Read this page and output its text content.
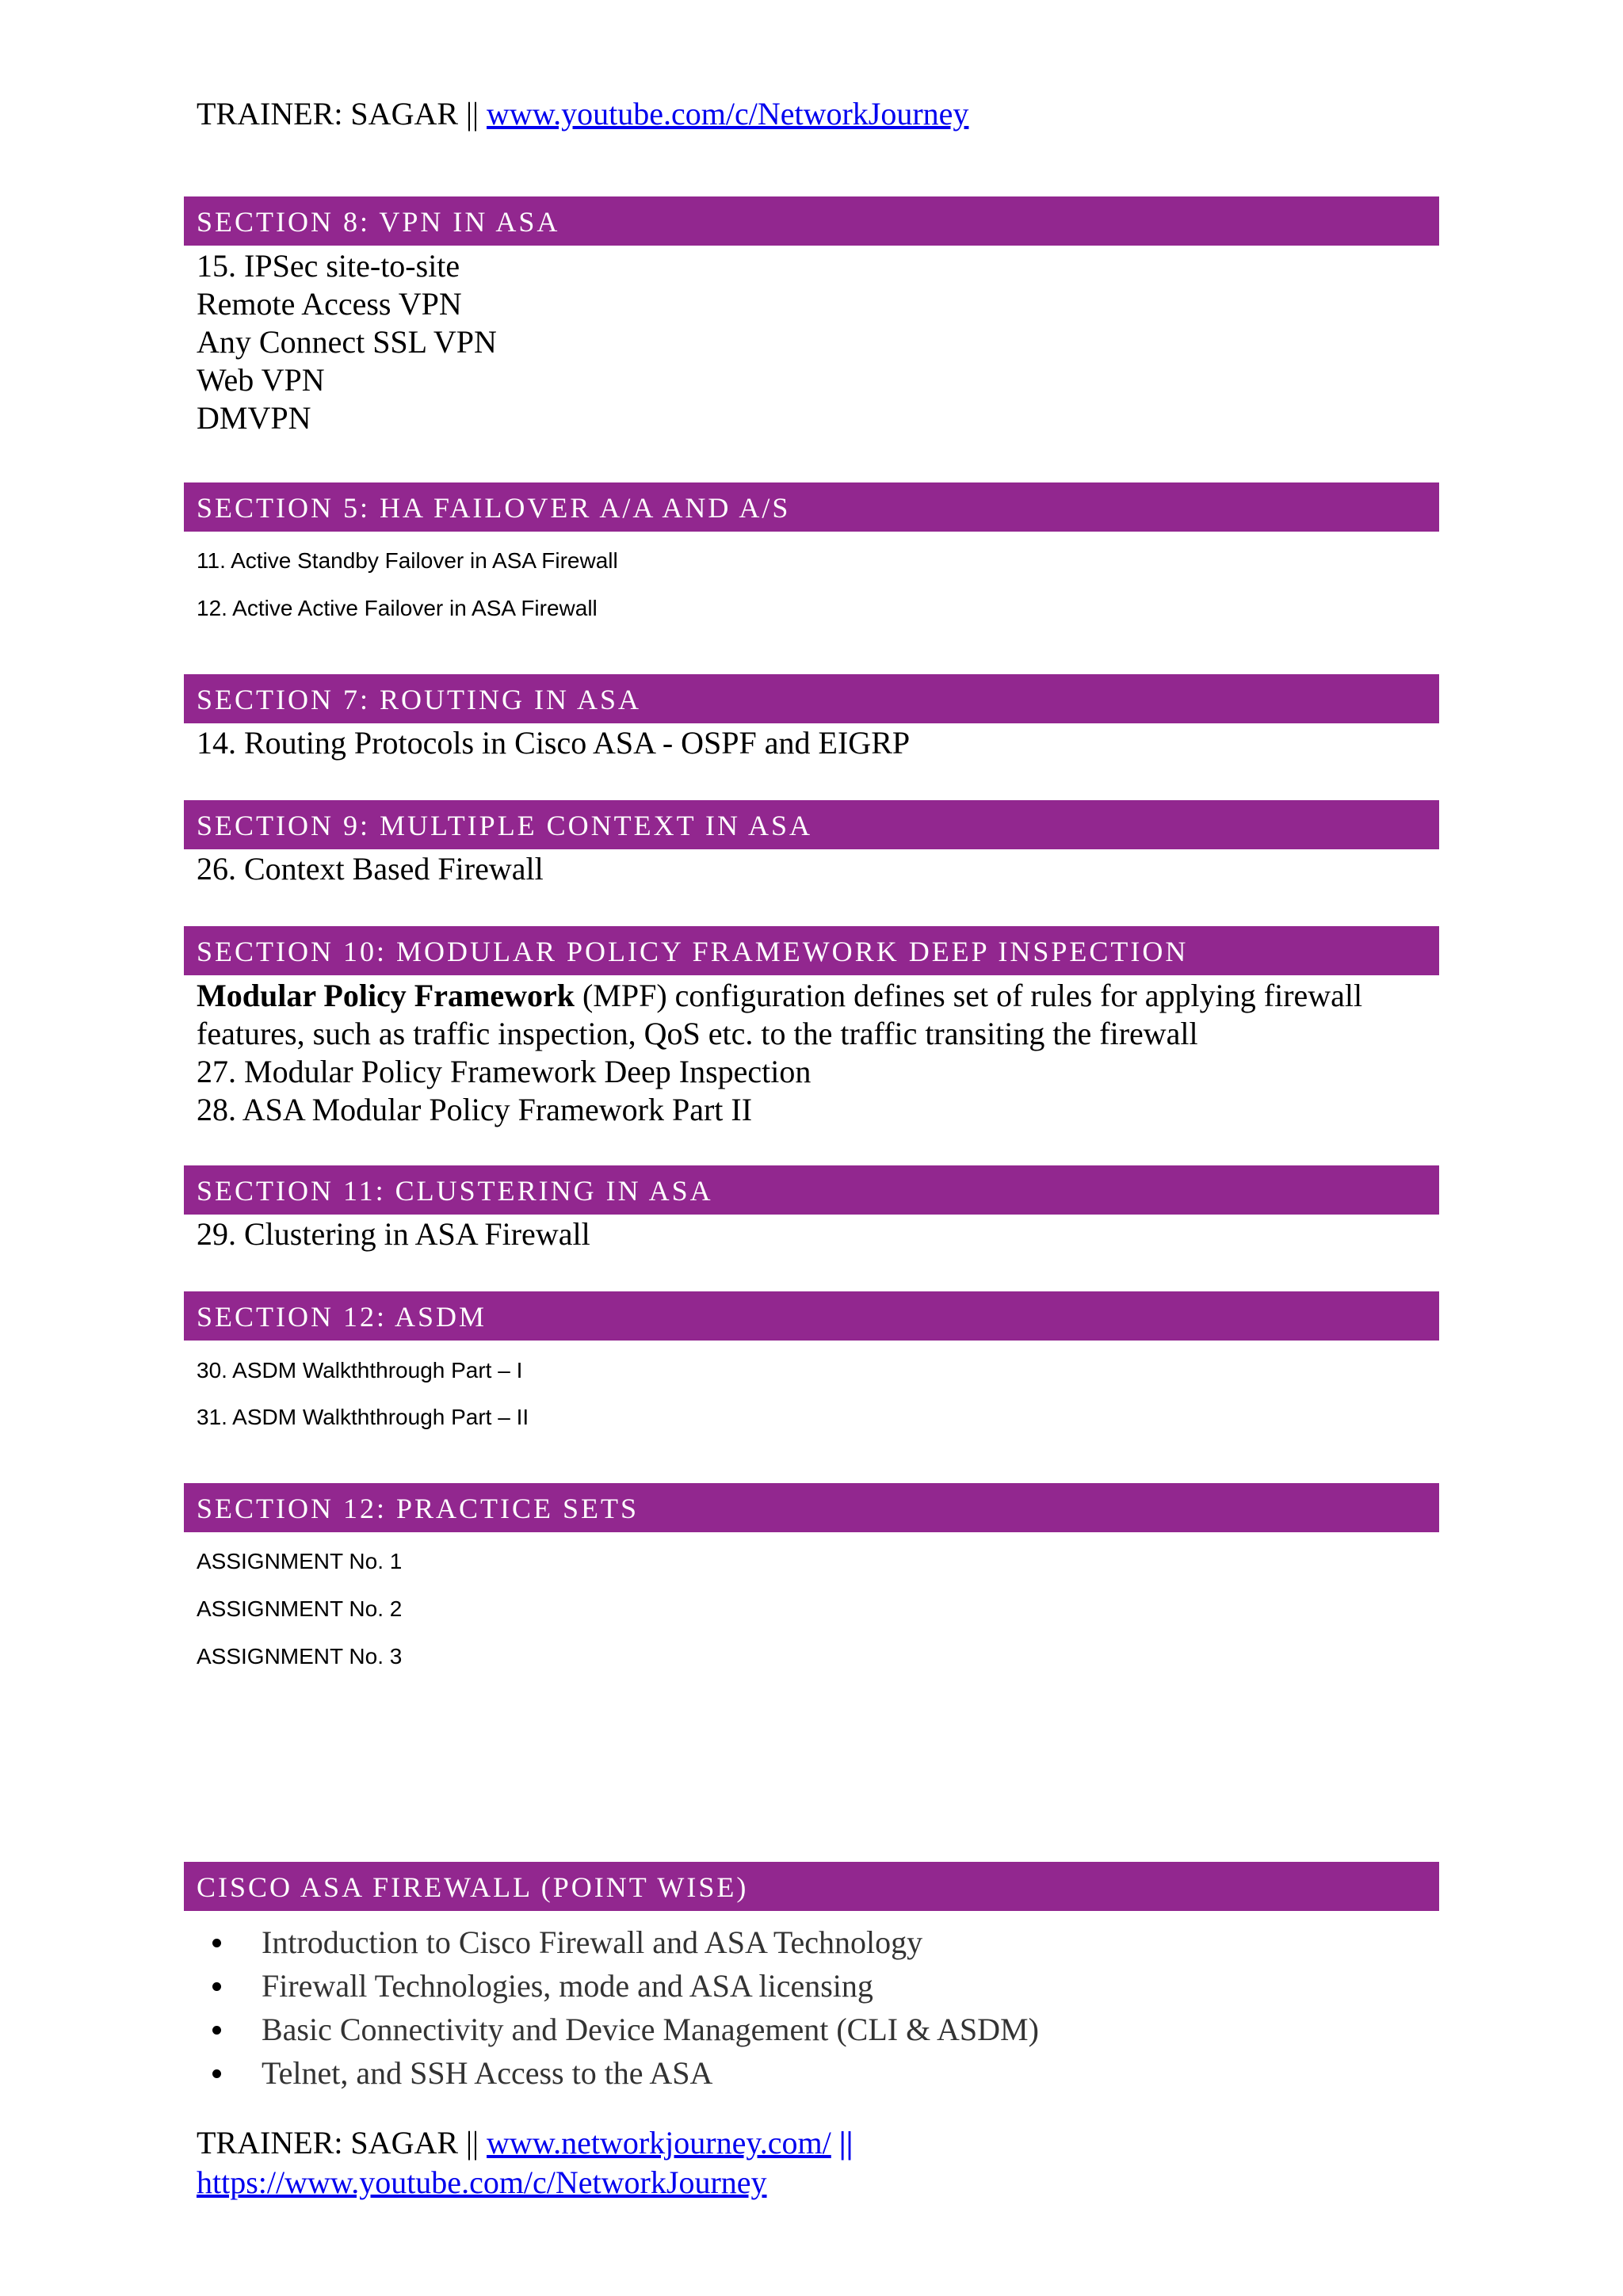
TRAINER: SAGAR || www.youtube.com/c/NetworkJourney
SECTION 8: VPN IN ASA
15. IPSec site-to-site
Remote Access VPN
Any Connect SSL VPN
Web VPN
DMVPN
SECTION 5: HA FAILOVER A/A AND A/S
11. Active Standby Failover in ASA Firewall
12. Active Active Failover in ASA Firewall
SECTION 7: ROUTING IN ASA
14. Routing Protocols in Cisco ASA - OSPF and EIGRP
SECTION 9: MULTIPLE CONTEXT IN ASA
26. Context Based Firewall
SECTION 10: MODULAR POLICY FRAMEWORK DEEP INSPECTION
Modular Policy Framework (MPF) configuration defines set of rules for applying firewall
features, such as traffic inspection, QoS etc. to the traffic transiting the firewall
27. Modular Policy Framework Deep Inspection
28. ASA Modular Policy Framework Part II
SECTION 11: CLUSTERING IN ASA
29. Clustering in ASA Firewall
SECTION 12: ASDM
30. ASDM Walkththrough Part – I
31. ASDM Walkththrough Part – II
SECTION 12: PRACTICE SETS
ASSIGNMENT No. 1
ASSIGNMENT No. 2
ASSIGNMENT No. 3
CISCO ASA FIREWALL (POINT WISE)
Introduction to Cisco Firewall and ASA Technology
Firewall Technologies, mode and ASA licensing
Basic Connectivity and Device Management (CLI & ASDM)
Telnet, and SSH Access to the ASA
TRAINER: SAGAR || www.networkjourney.com/ ||
https://www.youtube.com/c/NetworkJourney
